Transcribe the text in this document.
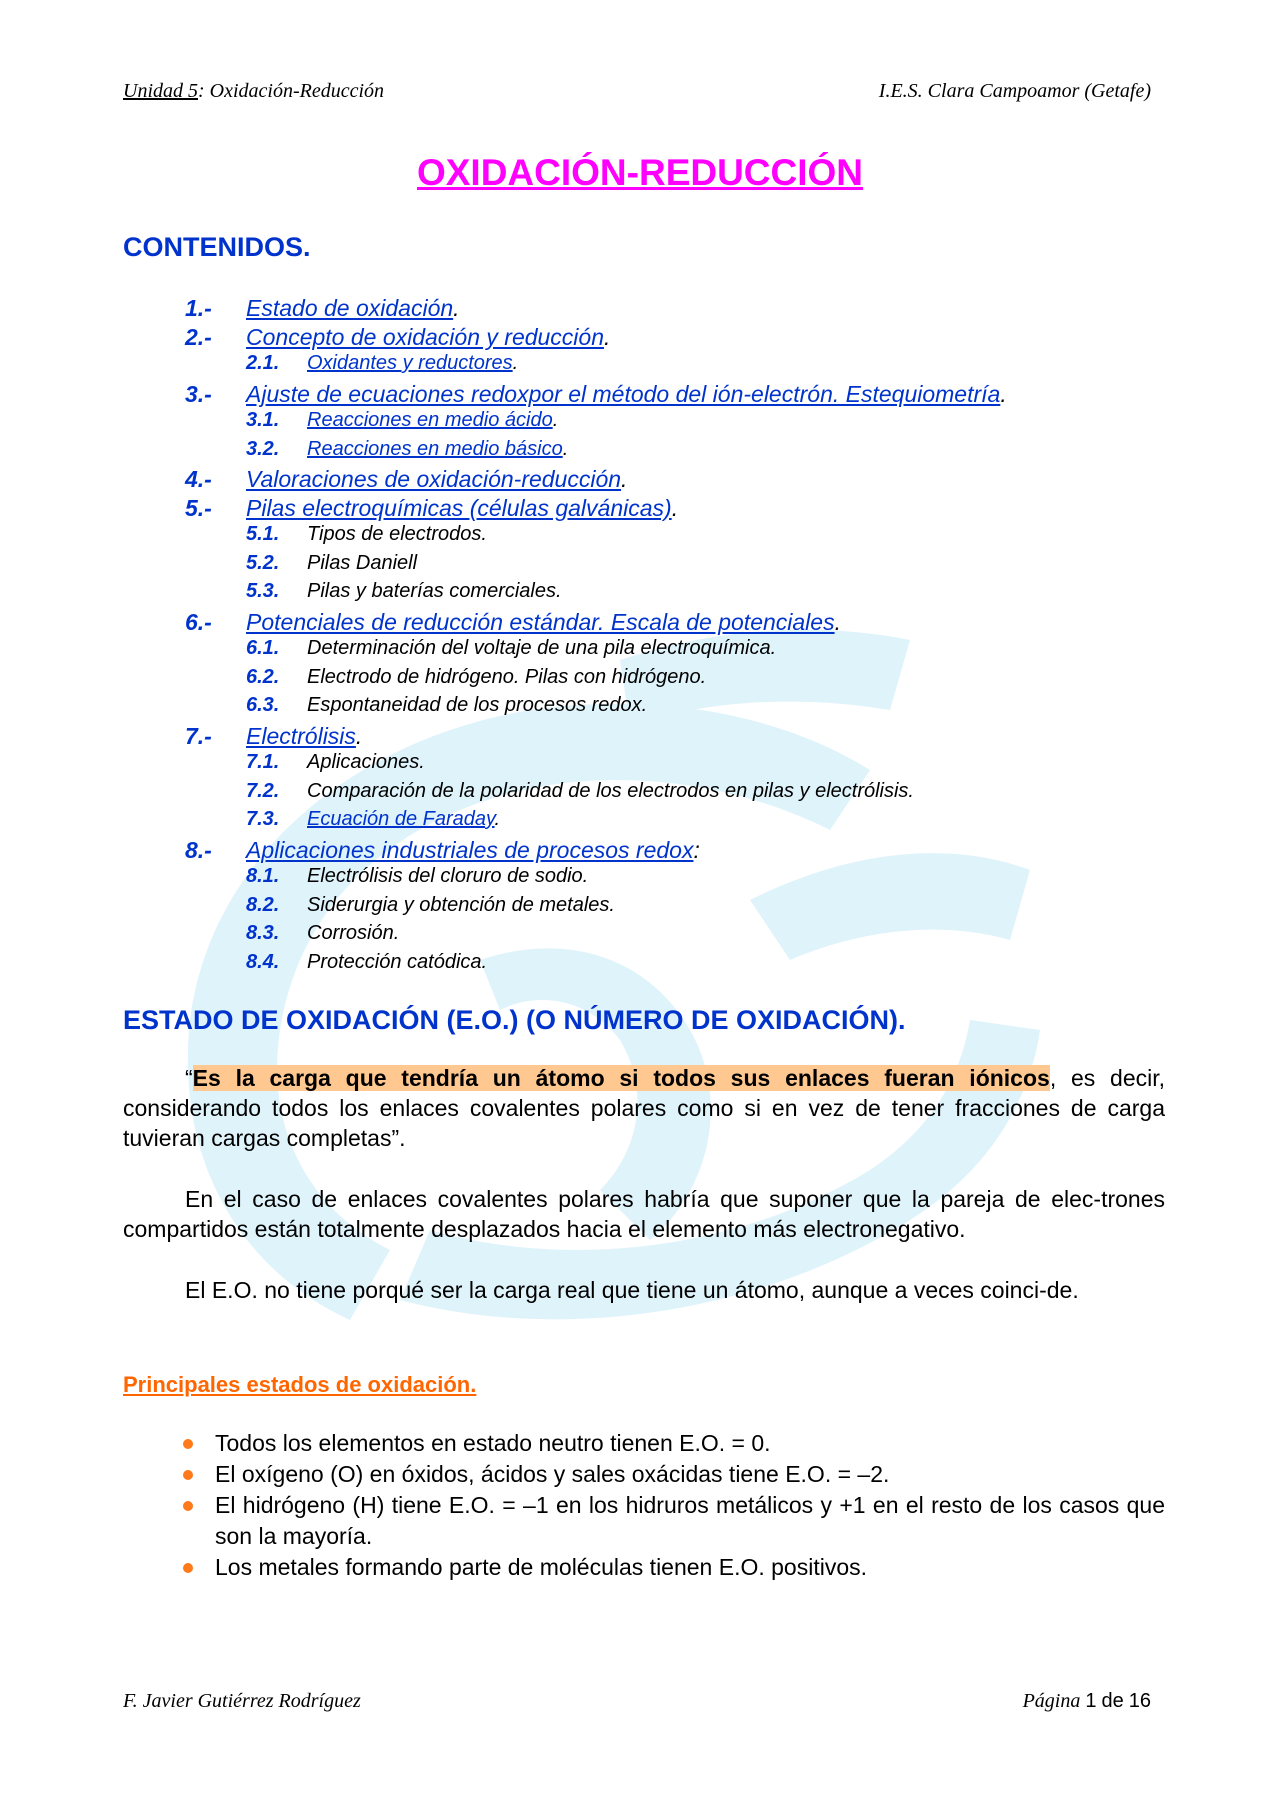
Unidad 5: Oxidación-Reducción	I.E.S. Clara Campoamor (Getafe)
OXIDACIÓN-REDUCCIÓN
CONTENIDOS.
1.- Estado de oxidación.
2.- Concepto de oxidación y reducción.
2.1. Oxidantes y reductores.
3.- Ajuste de ecuaciones redoxpor el método del ión-electrón. Estequiometría.
3.1. Reacciones en medio ácido.
3.2. Reacciones en medio básico.
4.- Valoraciones de oxidación-reducción.
5.- Pilas electroquímicas (células galvánicas).
5.1. Tipos de electrodos.
5.2. Pilas Daniell
5.3. Pilas y baterías comerciales.
6.- Potenciales de reducción estándar. Escala de potenciales.
6.1. Determinación del voltaje de una pila electroquímica.
6.2. Electrodo de hidrógeno. Pilas con hidrógeno.
6.3. Espontaneidad de los procesos redox.
7.- Electrólisis.
7.1. Aplicaciones.
7.2. Comparación de la polaridad de los electrodos en pilas y electrólisis.
7.3. Ecuación de Faraday.
8.- Aplicaciones industriales de procesos redox:
8.1. Electrólisis del cloruro de sodio.
8.2. Siderurgia y obtención de metales.
8.3. Corrosión.
8.4. Protección catódica.
ESTADO DE OXIDACIÓN (E.O.) (O NÚMERO DE OXIDACIÓN).
“Es la carga que tendría un átomo si todos sus enlaces fueran iónicos, es decir, considerando todos los enlaces covalentes polares como si en vez de tener fracciones de carga tuvieran cargas completas”.
En el caso de enlaces covalentes polares habría que suponer que la pareja de elec-trones compartidos están totalmente desplazados hacia el elemento más electronegativo.
El E.O. no tiene porqué ser la carga real que tiene un átomo, aunque a veces coinci-de.
Principales estados de oxidación.
Todos los elementos en estado neutro tienen E.O. = 0.
El oxígeno (O) en óxidos, ácidos y sales oxácidas tiene E.O. = –2.
El hidrógeno (H) tiene E.O. = –1 en los hidruros metálicos y +1 en el resto de los casos que son la mayoría.
Los metales formando parte de moléculas tienen E.O. positivos.
F. Javier Gutiérrez Rodríguez	Página 1 de 16
